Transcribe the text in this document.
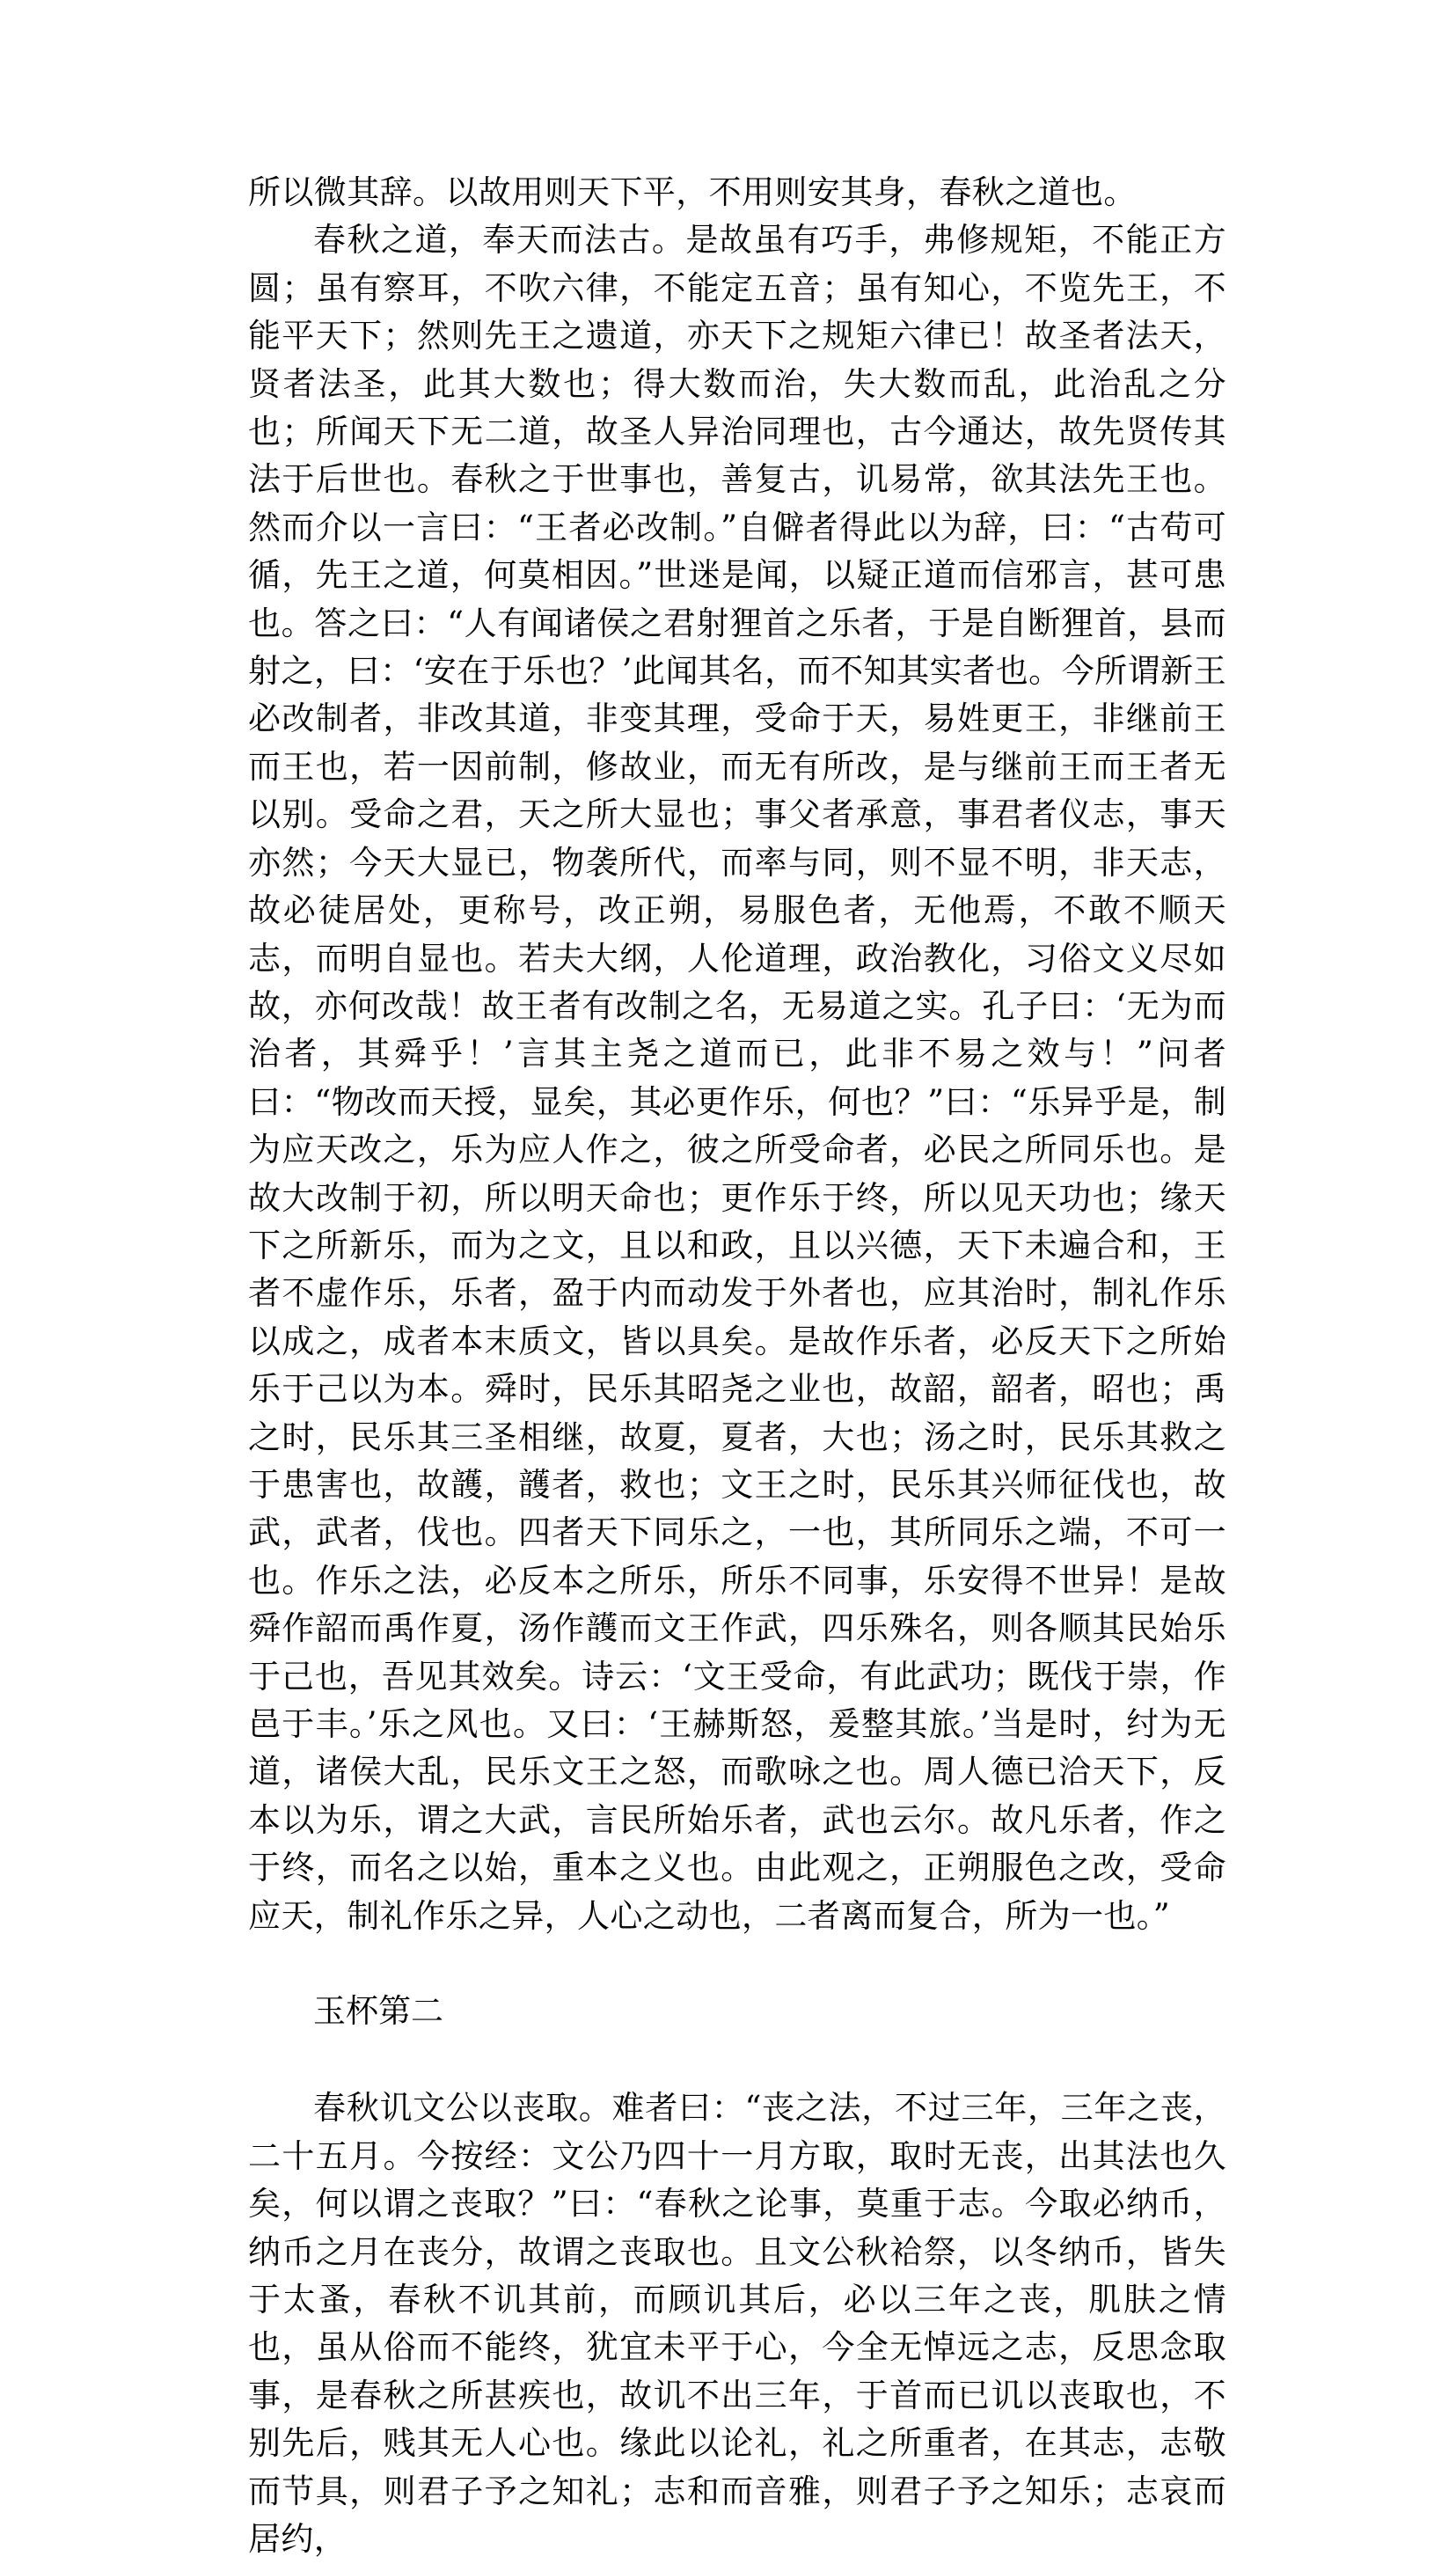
所以微其辞。以故用则天下平，不用则安其身，春秋之道也。

春秋之道，奉天而法古。是故虽有巧手，弗修规矩，不能正方圆；虽有察耳，不吹六律，不能定五音；虽有知心，不览先王，不能平天下；然则先王之遗道，亦天下之规矩六律已！故圣者法天，贤者法圣，此其大数也；得大数而治，失大数而乱，此治乱之分也；所闻天下无二道，故圣人异治同理也，古今通达，故先贤传其法于后世也。春秋之于世事也，善复古，讥易常，欲其法先王也。然而介以一言曰：“王者必改制。”自僻者得此以为辞，曰：“古苟可循，先王之道，何莫相因。”世迷是闻，以疑正道而信邪言，甚可患也。答之曰：“人有闻诸侯之君射狸首之乐者，于是自断狸首，县而射之，曰：‘安在于乐也？’此闻其名，而不知其实者也。今所谓新王必改制者，非改其道，非变其理，受命于天，易姓更王，非继前王而王也，若一因前制，修故业，而无有所改，是与继前王而王者无以别。受命之君，天之所大显也；事父者承意，事君者仪志，事天亦然；今天大显已，物袭所代，而率与同，则不显不明，非天志，故必徒居处，更称号，改正朔，易服色者，无他焉，不敢不顺天志，而明自显也。若夫大纲，人伦道理，政治教化，习俗文义尽如故，亦何改哉！故王者有改制之名，无易道之实。孔子曰：‘无为而治者，其舜乎！’言其主尧之道而已，此非不易之效与！”问者曰：“物改而天授，显矣，其必更作乐，何也？”曰：“乐异乎是，制为应天改之，乐为应人作之，彼之所受命者，必民之所同乐也。是故大改制于初，所以明天命也；更作乐于终，所以见天功也；缘天下之所新乐，而为之文，且以和政，且以兴德，天下未遍合和，王者不虚作乐，乐者，盈于内而动发于外者也，应其治时，制礼作乐以成之，成者本末质文，皆以具矣。是故作乐者，必反天下之所始乐于己以为本。舜时，民乐其昭尧之业也，故韶，韶者，昭也；禹之时，民乐其三圣相继，故夏，夏者，大也；汤之时，民乐其救之于患害也，故頀，頀者，救也；文王之时，民乐其兴师征伐也，故武，武者，伐也。四者天下同乐之，一也，其所同乐之端，不可一也。作乐之法，必反本之所乐，所乐不同事，乐安得不世异！是故舜作韶而禹作夏，汤作頀而文王作武，四乐殊名，则各顺其民始乐于己也，吾见其效矣。诗云：‘文王受命，有此武功；既伐于崇，作邑于丰。’乐之风也。又曰：‘王赫斯怒，爰整其旅。’当是时，纣为无道，诸侯大乱，民乐文王之怒，而歌咏之也。周人德已洽天下，反本以为乐，谓之大武，言民所始乐者，武也云尔。故凡乐者，作之于终，而名之以始，重本之义也。由此观之，正朔服色之改，受命应天，制礼作乐之异，人心之动也，二者离而复合，所为一也。”

玉杯第二

春秋讥文公以丧取。难者曰：“丧之法，不过三年，三年之丧，二十五月。今按经：文公乃四十一月方取，取时无丧，出其法也久矣，何以谓之丧取？”曰：“春秋之论事，莫重于志。今取必纳币，纳币之月在丧分，故谓之丧取也。且文公秋袷祭，以冬纳币，皆失于太蚤，春秋不讥其前，而顾讥其后，必以三年之丧，肌肤之情也，虽从俗而不能终，犹宜未平于心，今全无悼远之志，反思念取事，是春秋之所甚疾也，故讥不出三年，于首而已讥以丧取也，不别先后，贱其无人心也。缘此以论礼，礼之所重者，在其志，志敬而节具，则君子予之知礼；志和而音雅，则君子予之知乐；志哀而居约，
